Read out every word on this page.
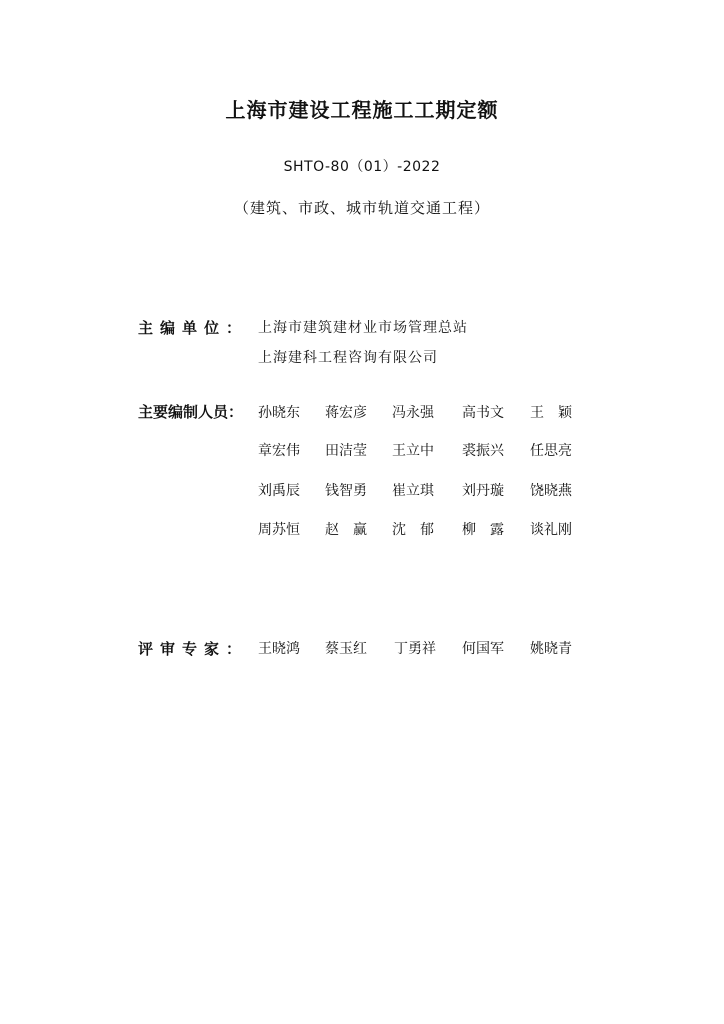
上海市建设工程施工工期定额
SHTO-80（01）-2022
（建筑、市政、城市轨道交通工程）
主编单位： 上海市建筑建材业市场管理总站
上海建科工程咨询有限公司
主要编制人员： 孙晓东 蒋宏彦 冯永强 高书文 王　颖
章宏伟 田洁莹 王立中 裘振兴 任思亮
刘禹辰 钱智勇 崔立琪 刘丹璇 饶晓燕
周苏恒 赵　赢 沈　郁 柳　露 谈礼刚
评审专家： 王晓鸿 蔡玉红 丁勇祥 何国军 姚晓青
